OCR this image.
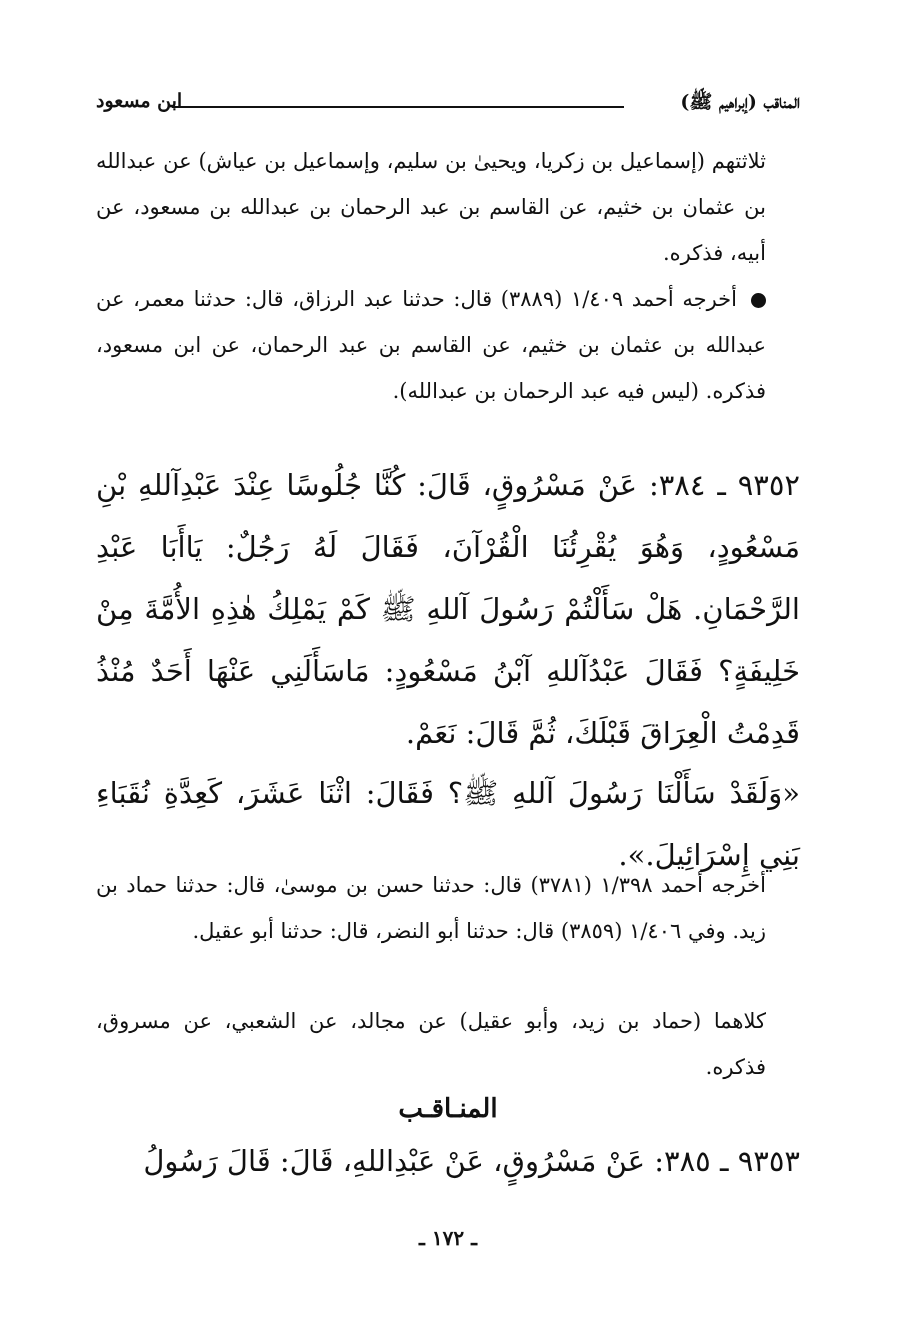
المناقب (إبراهيم ﷺ)
ابن مسعود
ثلاثتهم (إسماعيل بن زكريا، ويحيىٰ بن سليم، وإسماعيل بن عياش) عن عبدالله بن عثمان بن خثيم، عن القاسم بن عبد الرحمان بن عبدالله بن مسعود، عن أبيه، فذكره.
أخرجه أحمد ١/٤٠٩ (٣٨٨٩) قال: حدثنا عبد الرزاق، قال: حدثنا معمر، عن عبدالله بن عثمان بن خثيم، عن القاسم بن عبد الرحمان، عن ابن مسعود، فذكره. (ليس فيه عبد الرحمان بن عبدالله).
٩٣٥٢ ـ ٣٨٤: عَنْ مَسْرُوقٍ، قَالَ: كُنَّا جُلُوسًا عِنْدَ عَبْدِآللهِ بْنِ مَسْعُودٍ، وَهُوَ يُقْرِئُنَا الْقُرْآنَ، فَقَالَ لَهُ رَجُلٌ: يَاأَبَا عَبْدِ الرَّحْمَانِ. هَلْ سَأَلْتُمْ رَسُولَ آللهِ ﷺ كَمْ يَمْلِكُ هٰذِهِ الأُمَّةَ مِنْ خَلِيفَةٍ؟ فَقَالَ عَبْدُآللهِ آبْنُ مَسْعُودٍ: مَاسَأَلَنِي عَنْهَا أَحَدٌ مُنْذُ قَدِمْتُ الْعِرَاقَ قَبْلَكَ، ثُمَّ قَالَ: نَعَمْ.
«وَلَقَدْ سَأَلْنَا رَسُولَ آللهِ ﷺ؟ فَقَالَ: اثْنَا عَشَرَ، كَعِدَّةِ نُقَبَاءِ بَنِي إِسْرَائِيلَ.».
أخرجه أحمد ١/٣٩٨ (٣٧٨١) قال: حدثنا حسن بن موسىٰ، قال: حدثنا حماد بن زيد. وفي ١/٤٠٦ (٣٨٥٩) قال: حدثنا أبو النضر، قال: حدثنا أبو عقيل.
كلاهما (حماد بن زيد، وأبو عقيل) عن مجالد، عن الشعبي، عن مسروق، فذكره.
المنـاقـب
٩٣٥٣ ـ ٣٨٥: عَنْ مَسْرُوقٍ، عَنْ عَبْدِاللهِ، قَالَ: قَالَ رَسُولُ
ـ ١٧٢ ـ
